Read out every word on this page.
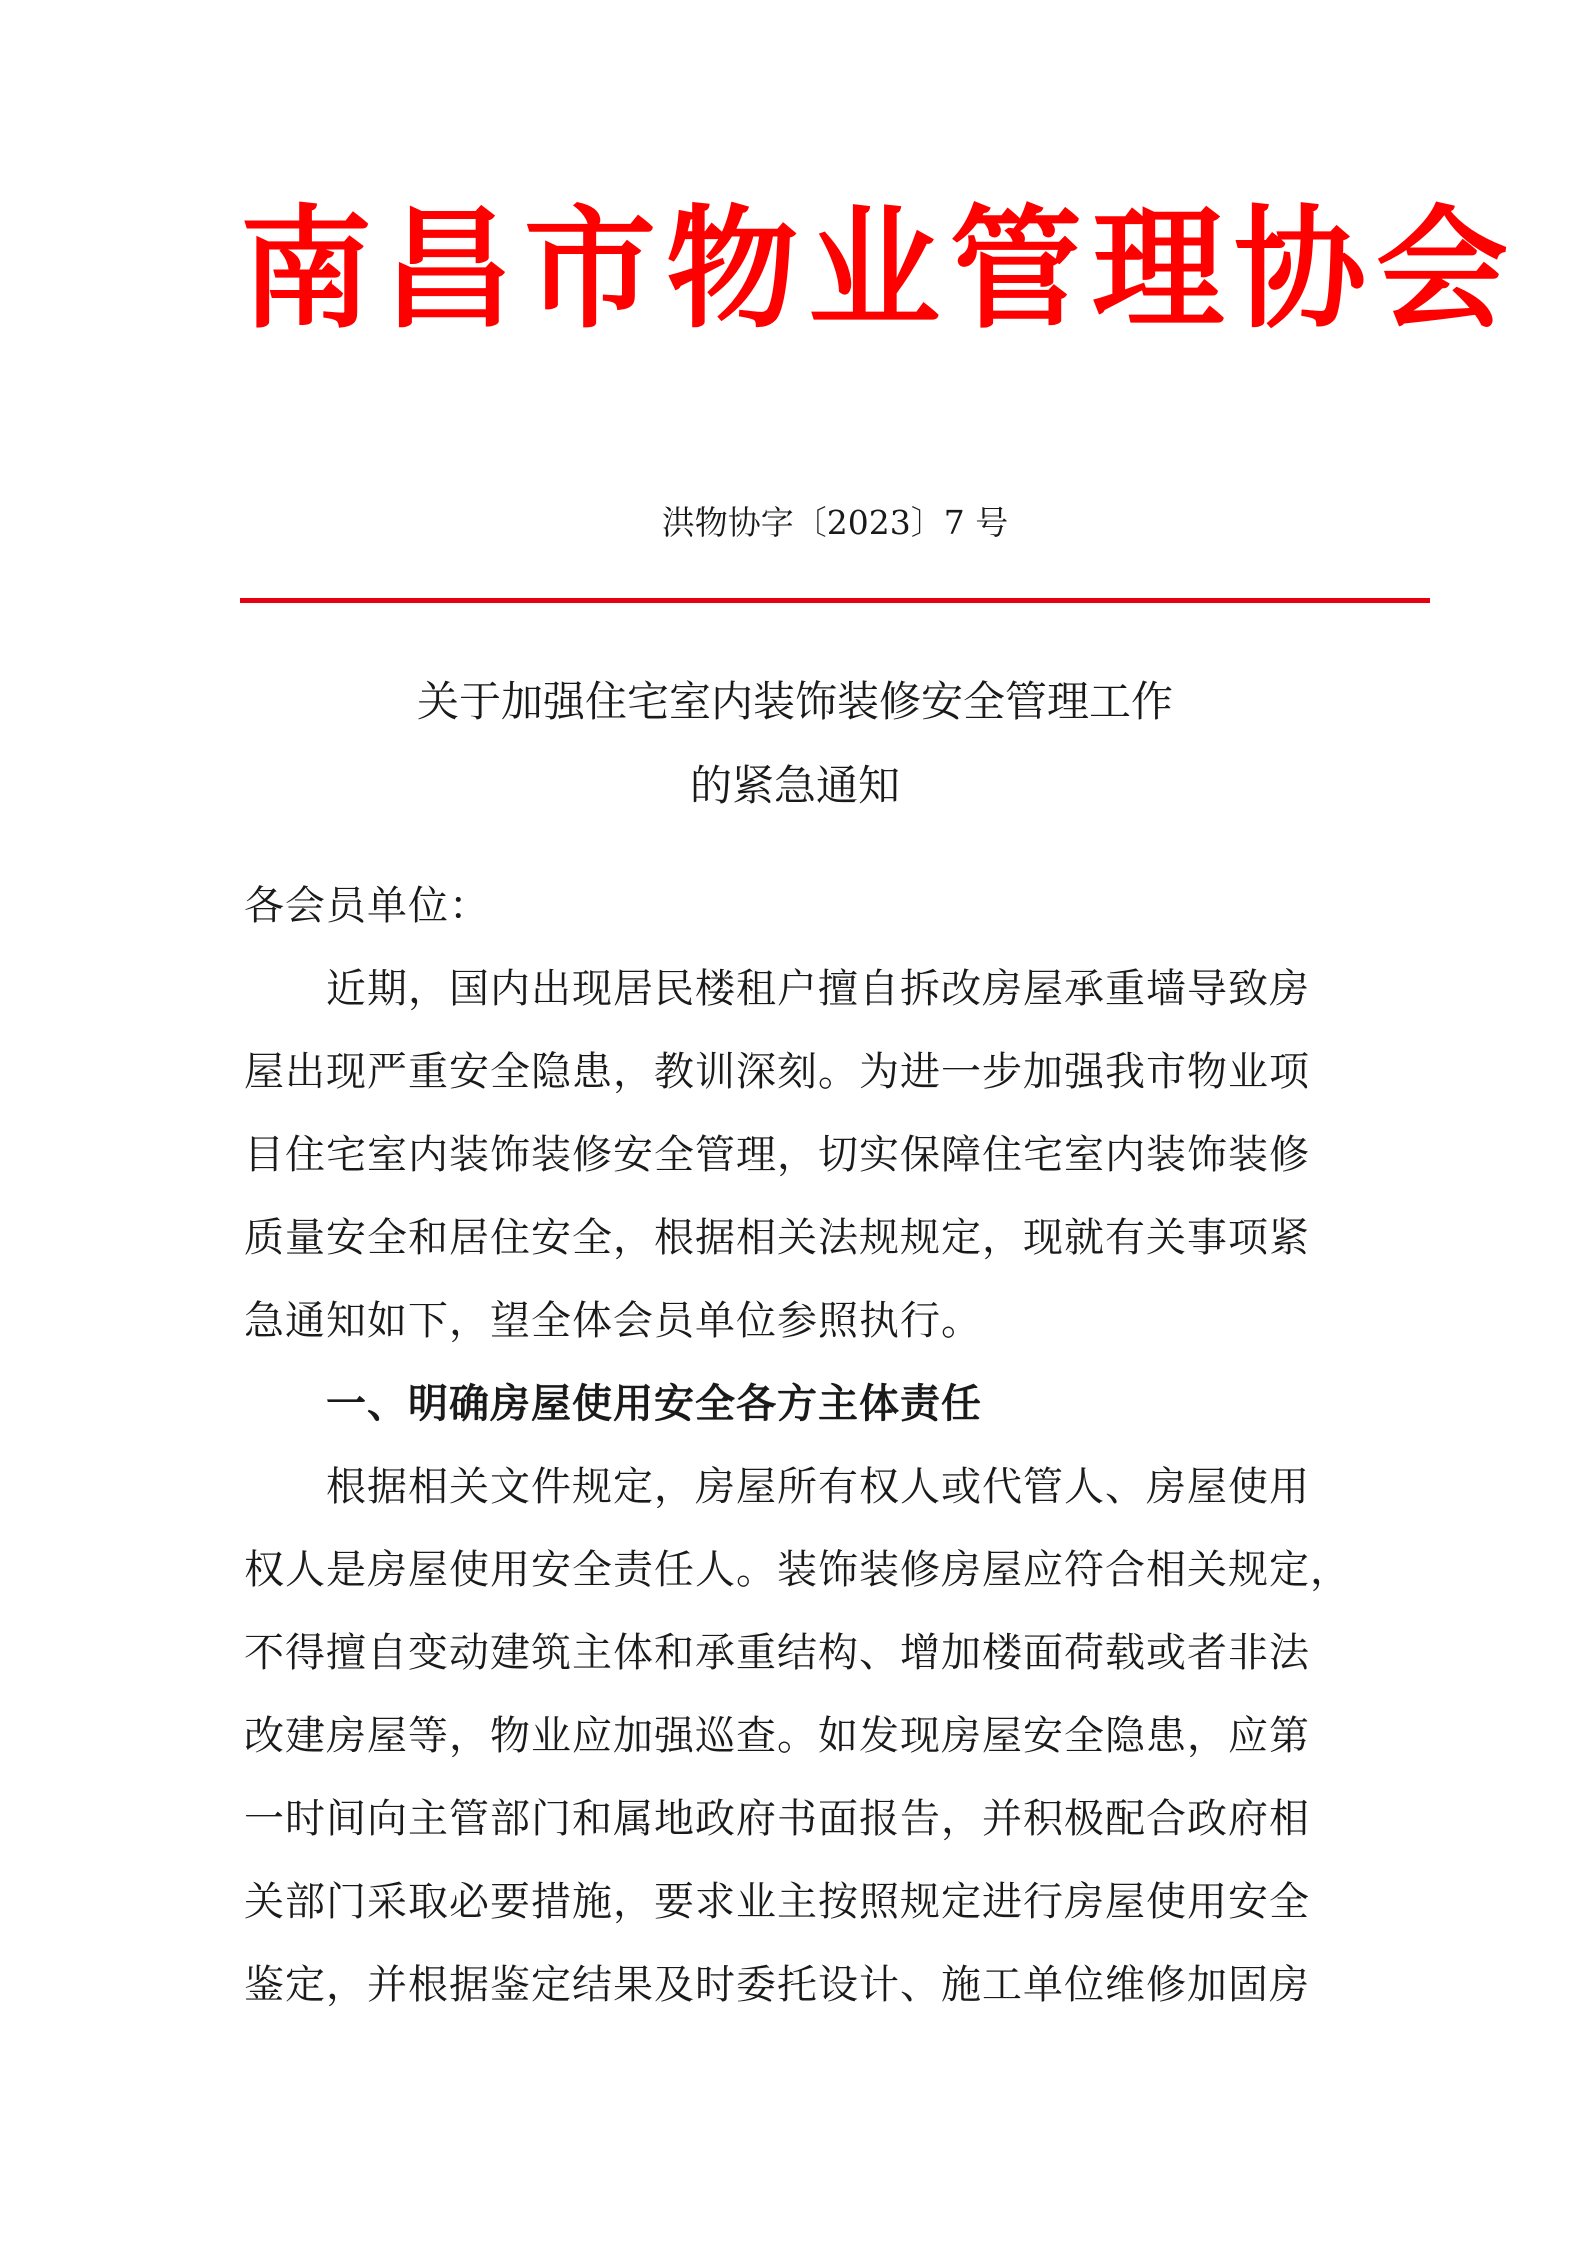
南昌市物业管理协会
洪物协字〔2023〕7 号
关于加强住宅室内装饰装修安全管理工作
的紧急通知
各会员单位：
　　近期，国内出现居民楼租户擅自拆改房屋承重墙导致房
屋出现严重安全隐患，教训深刻。为进一步加强我市物业项
目住宅室内装饰装修安全管理，切实保障住宅室内装饰装修
质量安全和居住安全，根据相关法规规定，现就有关事项紧
急通知如下，望全体会员单位参照执行。
　　一、明确房屋使用安全各方主体责任
　　根据相关文件规定，房屋所有权人或代管人、房屋使用
权人是房屋使用安全责任人。装饰装修房屋应符合相关规定，
不得擅自变动建筑主体和承重结构、增加楼面荷载或者非法
改建房屋等，物业应加强巡查。如发现房屋安全隐患，应第
一时间向主管部门和属地政府书面报告，并积极配合政府相
关部门采取必要措施，要求业主按照规定进行房屋使用安全
鉴定，并根据鉴定结果及时委托设计、施工单位维修加固房
